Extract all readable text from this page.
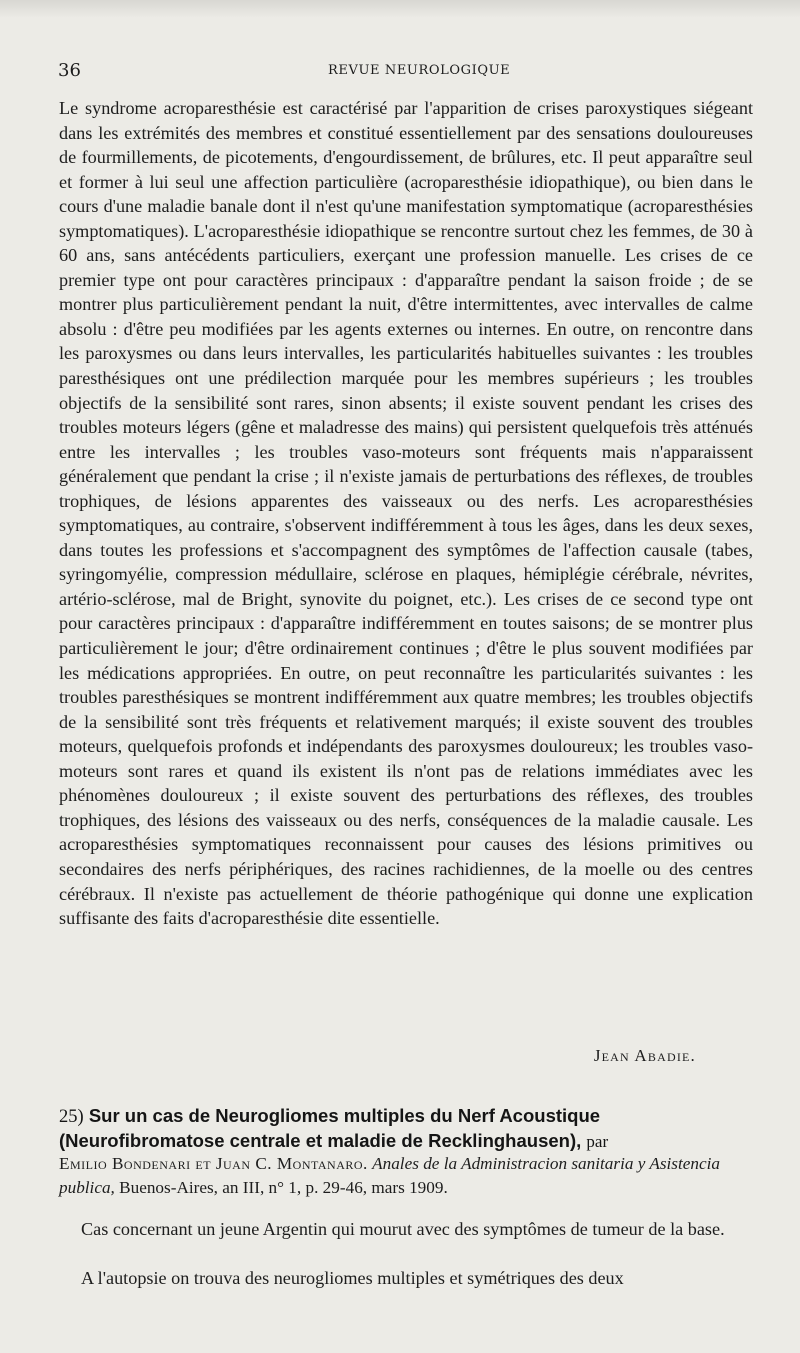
36	REVUE NEUROLOGIQUE

Le syndrome acroparesthésie est caractérisé par l'apparition de crises paroxystiques siégeant dans les extrémités des membres et constitué essentiellement par des sensations douloureuses de fourmillements, de picotements, d'engourdissement, de brûlures, etc. Il peut apparaître seul et former à lui seul une affection particulière (acroparesthésie idiopathique), ou bien dans le cours d'une maladie banale dont il n'est qu'une manifestation symptomatique (acroparesthésies symptomatiques). L'acroparesthésie idiopathique se rencontre surtout chez les femmes, de 30 à 60 ans, sans antécédents particuliers, exerçant une profession manuelle. Les crises de ce premier type ont pour caractères principaux : d'apparaître pendant la saison froide ; de se montrer plus particulièrement pendant la nuit, d'être intermittentes, avec intervalles de calme absolu : d'être peu modifiées par les agents externes ou internes. En outre, on rencontre dans les paroxysmes ou dans leurs intervalles, les particularités habituelles suivantes : les troubles paresthésiques ont une prédilection marquée pour les membres supérieurs ; les troubles objectifs de la sensibilité sont rares, sinon absents; il existe souvent pendant les crises des troubles moteurs légers (gêne et maladresse des mains) qui persistent quelquefois très atténués entre les intervalles ; les troubles vaso-moteurs sont fréquents mais n'apparaissent généralement que pendant la crise ; il n'existe jamais de perturbations des réflexes, de troubles trophiques, de lésions apparentes des vaisseaux ou des nerfs. Les acroparesthésies symptomatiques, au contraire, s'observent indifféremment à tous les âges, dans les deux sexes, dans toutes les professions et s'accompagnent des symptômes de l'affection causale (tabes, syringomyélie, compression médullaire, sclérose en plaques, hémiplégie cérébrale, névrites, artério-sclérose, mal de Bright, synovite du poignet, etc.). Les crises de ce second type ont pour caractères principaux : d'apparaître indifféremment en toutes saisons; de se montrer plus particulièrement le jour; d'être ordinairement continues ; d'être le plus souvent modifiées par les médications appropriées. En outre, on peut reconnaître les particularités suivantes : les troubles paresthésiques se montrent indifféremment aux quatre membres; les troubles objectifs de la sensibilité sont très fréquents et relativement marqués; il existe souvent des troubles moteurs, quelquefois profonds et indépendants des paroxysmes douloureux; les troubles vaso-moteurs sont rares et quand ils existent ils n'ont pas de relations immédiates avec les phénomènes douloureux ; il existe souvent des perturbations des réflexes, des troubles trophiques, des lésions des vaisseaux ou des nerfs, conséquences de la maladie causale. Les acroparesthésies symptomatiques reconnaissent pour causes des lésions primitives ou secondaires des nerfs périphériques, des racines rachidiennes, de la moelle ou des centres cérébraux. Il n'existe pas actuellement de théorie pathogénique qui donne une explication suffisante des faits d'acroparesthésie dite essentielle.

Jean Abadie.
25) Sur un cas de Neurogliomes multiples du Nerf Acoustique
(Neurofibromatose centrale et maladie de Recklinghausen), par
Emilio Bondenari et Juan C. Montanaro. Anales de la Administracion sanitaria y Asistencia publica, Buenos-Aires, an III, n° 1, p. 29-46, mars 1909.

Cas concernant un jeune Argentin qui mourut avec des symptômes de tumeur de la base.

A l'autopsie on trouva des neurogliomes multiples et symétriques des deux
